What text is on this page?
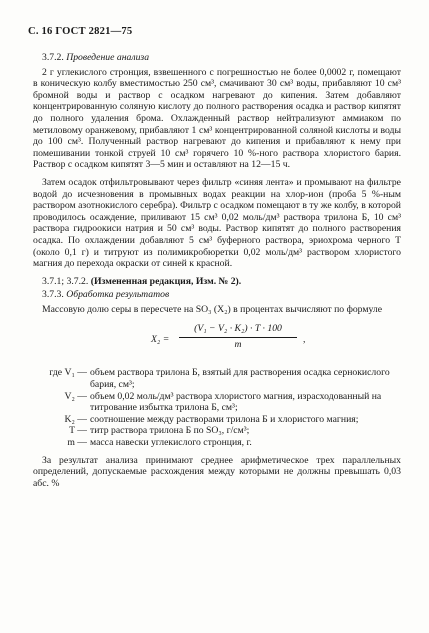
С. 16 ГОСТ 2821—75
3.7.2. Проведение анализа

2 г углекислого стронция, взвешенного с погрешностью не более 0,0002 г, помещают в коническую колбу вместимостью 250 см³, смачивают 30 см³ воды, прибавляют 10 см³ бромной воды и раствор с осадком нагревают до кипения. Затем добавляют концентрированную соляную кислоту до полного растворения осадка и раствор кипятят до полного удаления брома. Охлажденный раствор нейтрализуют аммиаком по метиловому оранжевому, прибавляют 1 см³ концентрированной соляной кислоты и воды до 100 см³. Полученный раствор нагревают до кипения и прибавляют к нему при помешивании тонкой струей 10 см³ горячего 10 %-ного раствора хлористого бария. Раствор с осадком кипятят 3—5 мин и оставляют на 12—15 ч.

Затем осадок отфильтровывают через фильтр «синяя лента» и промывают на фильтре водой до исчезновения в промывных водах реакции на хлор-ион (проба 5 %-ным раствором азотнокислого серебра). Фильтр с осадком помещают в ту же колбу, в которой проводилось осаждение, приливают 15 см³ 0,02 моль/дм³ раствора трилона Б, 10 см³ раствора гидроокиси натрия и 50 см³ воды. Раствор кипятят до полного растворения осадка. По охлаждении добавляют 5 см³ буферного раствора, эриохрома черного Т (около 0,1 г) и титруют из полимикробюретки 0,02 моль/дм³ раствором хлористого магния до перехода окраски от синей к красной.

3.7.1; 3.7.2. (Измененная редакция, Изм. № 2).

3.7.3. Обработка результатов

Массовую долю серы в пересчете на SO₃ (X₂) в процентах вычисляют по формуле

X₂ =
(V₁ − V₂ · K₂) · T · 100
m	,
где V₁ — объем раствора трилона Б, взятый для растворения осадка сернокислого бария, см³;
V₂ — объем 0,02 моль/дм³ раствора хлористого магния, израсходованный на титрование избытка трилона Б, см³;
K₂ — соотношение между растворами трилона Б и хлористого магния;
T — титр раствора трилона Б по SO₃, г/см³;
m — масса навески углекислого стронция, г.

За результат анализа принимают среднее арифметическое трех параллельных определений, допускаемые расхождения между которыми не должны превышать 0,03 абс. %
